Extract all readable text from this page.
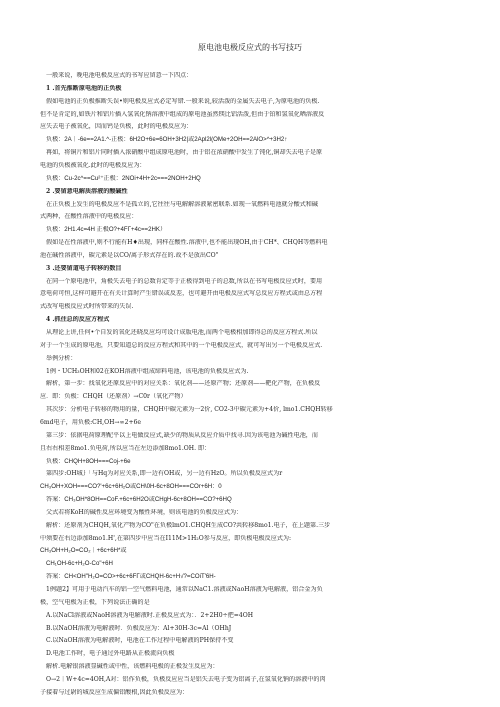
原电池电极反应式的书写技巧
一般来说，晚电池电极反应式的书写应留意一下四点：
1 .首先推断原电池的正负极
假如电池的正负极推断失误•则电极反应式必定写错.一般来说,较活泼的金属失去电子,为原电池的负极.
但不是肯定的,如铁片和铝片插入氢氧化钠溶液中组成的原电池虽然镁比铝活泼,但由于铂和氢氧化晒溶液反
应失去电子被氧化，因而钙是负极，此时的电极反应为：
负极：2A｜-6e==2A1.^-正极：6H2O+6e=6OH+3H2|或2Apl2l(OMe+2OH==2AlO>^+3H2↑
再如，将铜片和铝片同时插入浓硝酸中组成原电池时，由于铝在浓硝酸中发生了钝化,铜却失去电子是原
电池的负极被氧化.此时的电极反应为：
负极：Cu-2c^==Cu²⁺正极：2NOi+4H+2c===2NOH+2HQ
2 .要留意电解质溶液的酸碱性
在正负极上发生的电极反应不是孤立的,它往往与电解解溶液紧密联系.如现一氧燃料电池就分酸式和碱
式两种，在酸性溶液中的电极反应：
负极：2H1.4c=4H 正极O?+4FΓ+4c==2HK）
假如是在性溶液中,则不行能有H♦出现，同样在酸性.溶液中,也不能出现OH,由于CH*、CHQH等燃料电
池在碱性溶液中，碳元素是以CO/离子形式存在的.故不是放出CO"
3 .还要留道电子转移的数目
在同一个原电池中，角极失去电子的总数肯定等于正极得到电子的总数,所以在书写电极反应式时，要用
意电荷可恒,这样可避开在有关计算时产生错误或反差，也可避开由电极反应式写总反应方程式或由总方程
式改写电极反应式时所带来的失误.
4 .抓住总的反应方程式
从理论上讲,任何•个自发的氧化还晓反应均可设计成版电池,而两个电极相加即得总的反应方程式.所以
对于一个生成的原电池，只要知道总的反应方程式和其中的一个电极反应式，就可写出另一个电极反应式.
举例分析：
1例・UCH₃OH和02在KOH溶液中组成缔料电池，该电池的负极反应式为.
解析，第一步：找氧化还原反应中的对应关系：氧化剂——还原产物；还原剂——靶化产物，在负极反
应．即：负极：CHQH（还原剂）→C0r（氧化产物）
其次步：分析电子转移的物用的量，CHQH中碳元素为一2价, CO2-3中碳元素为+4价, lmo1.CHQH转移
6md电子，用负极:CH,OH→∞2+6e
第三步：依据电荷原理配平以上电做反应式,缺少的物质从反应介质中找寻.因为该电池为碱性电池，而
且右右相差8mo1.负电荷,所以应当在左边添加8mo1.OH. 即：
负极：CHQH+8OH===Coj-+6e
第四步:OH城｝「与Hq为对应关系,即一边有OH或，另一边有HzO。所以负极反应式为r
CH₃OH+XOH===CO?'+6c+6H₂O或CH\0H-6c+8OH===COr+6H：0
答案：CH₃OH*8OH==CoF.+6c+6H2O或CHgH-6c+8OH==CO?+6HQ
父式若将KoH的碱性反应环境变为酸性环境，则该电池的负极反应式为：
解析：还原剂为CHQH,氧化产物为CO"在负极lmO1.CHQH生成CO?共转移8mo1.电子，在上题第.三步
中须要在右边添加8mo1.H',在第四步中应当在I11M>1H₂O参与反应，即负极电极反应式为:
CH₃OH+H₂O=CO₂｜+6c+6H*或
CH₁OH-6c+H₂O-Co"+6H
答案：CH<OH"H₂O=CO>+6c+6FΓ或CHQH-6c+H√?=COiT'6H-
1例题2】可用于电动汽车的铝一空气燃料电池，通常以NaC1.溶液或NaoH溶液为电解液，铝合金为负
极，空气电极为正极，下列说法正确的是
A.以NaCl溶液或NaoH溶液为电解液时.正极反应式为：．2+2H0÷把=4OH
B.以NaOH溶液为电解液时．负极反应为：Al+30H-3c=Al（OHhJ
C.以NaOH溶液为电解液时，电池在工作过程中电解液的PH保持不变
D.电池工作时，电子通过外电路从正极流向负极
解析.电解银溶液显碱性或中性，该燃料电极的正极发生反应为：
O→2｜W+4c=4OH,A对：铝作负极，负极反应应当是铝失去电子变为铝离子,在氢氧化钠的溶液中的肉
子接着与过尉的城反应生成偏铝酸根,因此负极反应为：
